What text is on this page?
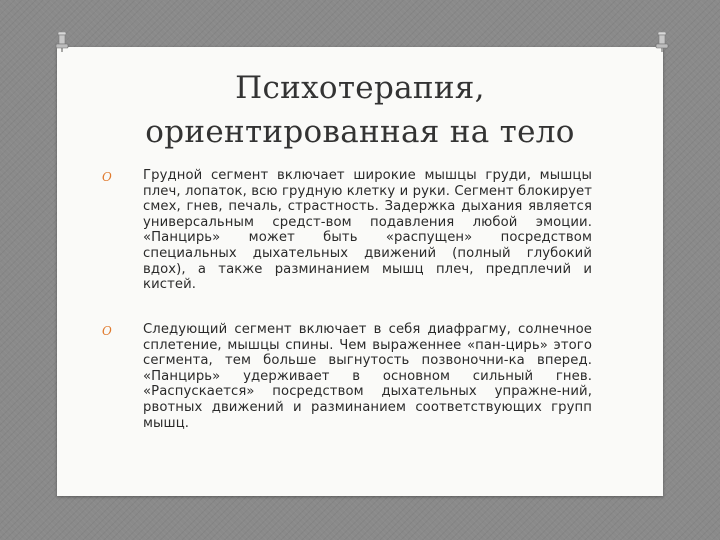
Психотерапия,
ориентированная на тело
O	Грудной сегмент включает широкие мышцы груди, мышцы плеч, лопаток, всю грудную клетку и руки. Сегмент блокирует смех, гнев, печаль, страстность. Задержка дыхания является универсальным средст-вом подавления любой эмоции. «Панцирь» может быть «распущен» посредством специальных дыхательных движений (полный глубокий вдох), а также разминанием мышц плеч, предплечий и кистей.

O	Следующий сегмент включает в себя диафрагму, солнечное сплетение, мышцы спины. Чем выраженнее «пан-цирь» этого сегмента, тем больше выгнутость позвоночни-ка вперед. «Панцирь» удерживает в основном сильный гнев. «Распускается» посредством дыхательных упражне-ний, рвотных движений и разминанием соответствующих групп мышц.
